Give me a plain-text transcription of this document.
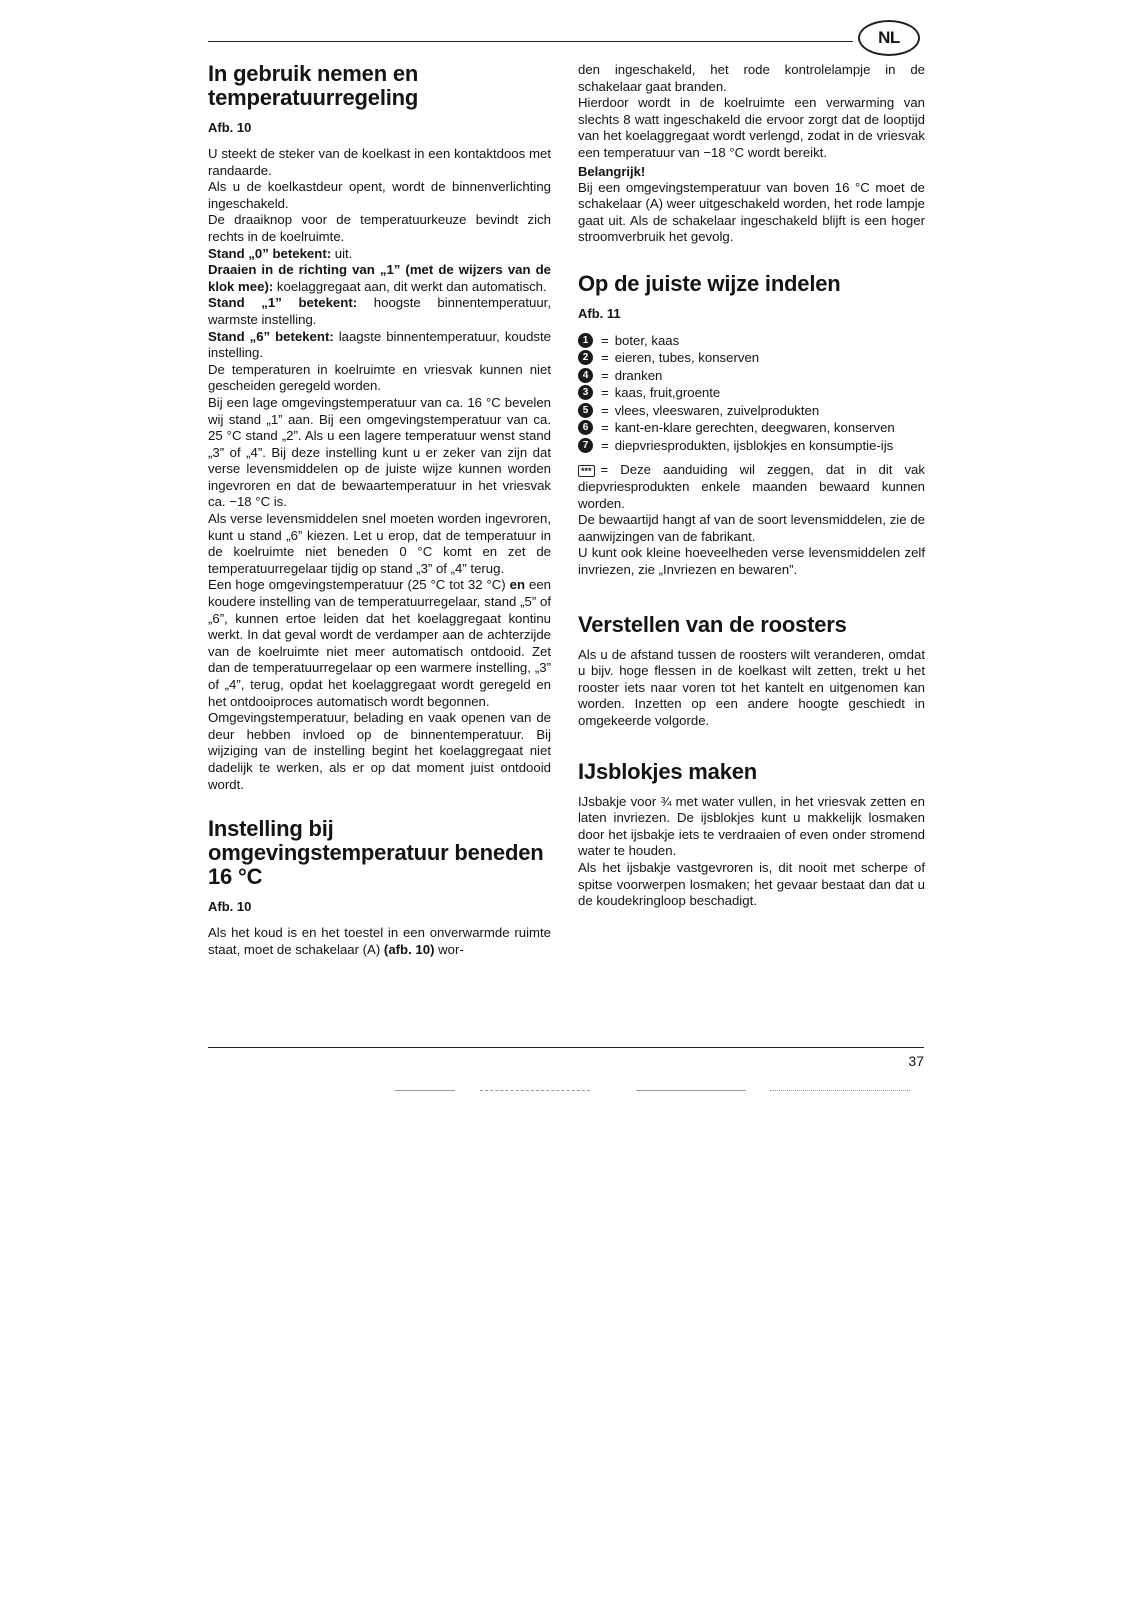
NL
In gebruik nemen en temperatuurregeling
Afb. 10

U steekt de steker van de koelkast in een kontaktdoos met randaarde.

Als u de koelkastdeur opent, wordt de binnenverlichting ingeschakeld.

De draaiknop voor de temperatuurkeuze bevindt zich rechts in de koelruimte.

Stand „0” betekent: uit.

Draaien in de richting van „1” (met de wijzers van de klok mee): koelaggregaat aan, dit werkt dan automatisch.

Stand „1” betekent: hoogste binnentemperatuur, warmste instelling.

Stand „6” betekent: laagste binnentemperatuur, koudste instelling.

De temperaturen in koelruimte en vriesvak kunnen niet gescheiden geregeld worden.

Bij een lage omgevingstemperatuur van ca. 16 °C bevelen wij stand „1” aan. Bij een omgevingstemperatuur van ca. 25 °C stand „2”. Als u een lagere temperatuur wenst stand „3” of „4”. Bij deze instelling kunt u er zeker van zijn dat verse levensmiddelen op de juiste wijze kunnen worden ingevroren en dat de bewaartemperatuur in het vriesvak ca. −18 °C is.

Als verse levensmiddelen snel moeten worden ingevroren, kunt u stand „6” kiezen. Let u erop, dat de temperatuur in de koelruimte niet beneden 0 °C komt en zet de temperatuurregelaar tijdig op stand „3” of „4” terug.

Een hoge omgevingstemperatuur (25 °C tot 32 °C) en een koudere instelling van de temperatuurregelaar, stand „5” of „6”, kunnen ertoe leiden dat het koelaggregaat kontinu werkt. In dat geval wordt de verdamper aan de achterzijde van de koelruimte niet meer automatisch ontdooid. Zet dan de temperatuurregelaar op een warmere instelling, „3” of „4”, terug, opdat het koelaggregaat wordt geregeld en het ontdooiproces automatisch wordt begonnen.

Omgevingstemperatuur, belading en vaak openen van de deur hebben invloed op de binnentemperatuur. Bij wijziging van de instelling begint het koelaggregaat niet dadelijk te werken, als er op dat moment juist ontdooid wordt.

Instelling bij omgevingstemperatuur beneden 16 °C
Afb. 10

Als het koud is en het toestel in een onverwarmde ruimte staat, moet de schakelaar (A) (afb. 10) wor-

den ingeschakeld, het rode kontrolelampje in de schakelaar gaat branden.

Hierdoor wordt in de koelruimte een verwarming van slechts 8 watt ingeschakeld die ervoor zorgt dat de looptijd van het koelaggregaat wordt verlengd, zodat in de vriesvak een temperatuur van −18 °C wordt bereikt.

Belangrijk!

Bij een omgevingstemperatuur van boven 16 °C moet de schakelaar (A) weer uitgeschakeld worden, het rode lampje gaat uit. Als de schakelaar ingeschakeld blijft is een hoger stroomverbruik het gevolg.

Op de juiste wijze indelen
Afb. 11
1 = boter, kaas
2 = eieren, tubes, konserven
4 = dranken
3 = kaas, fruit,groente
5 = vlees, vleeswaren, zuivelprodukten
6 = kant-en-klare gerechten, deegwaren, konserven
7 = diepvriesprodukten, ijsblokjes en konsumptie-ijs

*** = Deze aanduiding wil zeggen, dat in dit vak diepvriesprodukten enkele maanden bewaard kunnen worden.

De bewaartijd hangt af van de soort levensmiddelen, zie de aanwijzingen van de fabrikant.

U kunt ook kleine hoeveelheden verse levensmiddelen zelf invriezen, zie „Invriezen en bewaren”.

Verstellen van de roosters

Als u de afstand tussen de roosters wilt veranderen, omdat u bijv. hoge flessen in de koelkast wilt zetten, trekt u het rooster iets naar voren tot het kantelt en uitgenomen kan worden. Inzetten op een andere hoogte geschiedt in omgekeerde volgorde.

IJsblokjes maken

IJsbakje voor ¾ met water vullen, in het vriesvak zetten en laten invriezen. De ijsblokjes kunt u makkelijk losmaken door het ijsbakje iets te verdraaien of even onder stromend water te houden.

Als het ijsbakje vastgevroren is, dit nooit met scherpe of spitse voorwerpen losmaken; het gevaar bestaat dan dat u de koudekringloop beschadigt.

37
